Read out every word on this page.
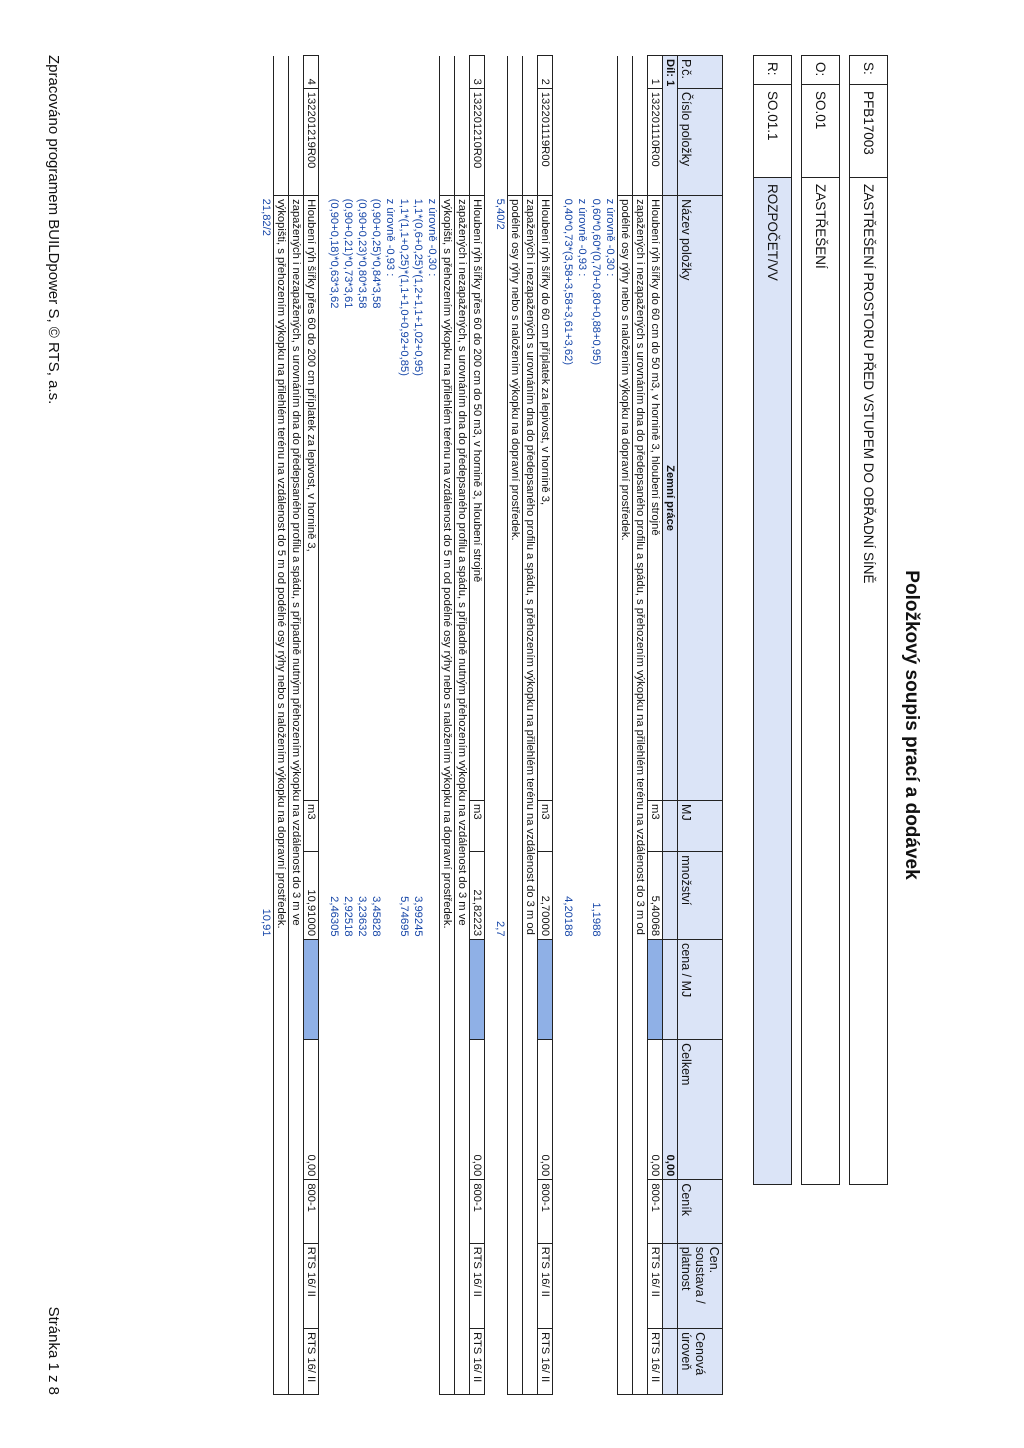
Položkový soupis prací a dodávek
S:	PFB17003	ZASTŘEŠENÍ PROSTORU PŘED VSTUPEM DO OBŘADNÍ SÍNĚ
O:	SO.01	ZASTŘEŠENÍ
R:	SO.01.1	ROZPOČET/VV
P.č.	Číslo položky	Název položky	MJ	množství	cena / MJ	Celkem	Ceník	Cen. soustava / platnost	Cenová úroveň
Díl: 1		Zemní práce				0,00			
1	132201110R00	Hloubení rýh šířky do 60 cm do 50 m3, v hornině 3, hloubení strojně	m3	5,40068		0,00	800-1	RTS 16/ II	RTS 16/ II
		zapažených i nezapažených s urovnáním dna do předepsaného profilu a spádu, s přehozením výkopku na přilehlém terénu na vzdálenost do 3 m od							
		podélné osy rýhy nebo s naložením výkopku na dopravní prostředek.							
		z úrovně -0,30 :							
		0,60*0,60*(0,70+0,80+0,88+0,95)		1,1988					
		z úrovně -0,93 :							
		0,40*0,73*(3,58+3,58+3,61+3,62)		4,20188					

2	132201119R00	Hloubení rýh šířky do 60 cm příplatek za lepivost, v hornině 3,	m3	2,70000		0,00	800-1	RTS 16/ II	RTS 16/ II
		zapažených i nezapažených s urovnáním dna do předepsaného profilu a spádu, s přehozením výkopku na přilehlém terénu na vzdálenost do 3 m od							
		podélné osy rýhy nebo s naložením výkopku na dopravní prostředek.							
		5,40/2		2,7					

3	132201210R00	Hloubení rýh šířky přes 60 do 200 cm do 50 m3, v hornině 3, hloubení strojně	m3	21,82223		0,00	800-1	RTS 16/ II	RTS 16/ II
		zapažených i nezapažených, s urovnáním dna do předepsaného profilu a spádu, s případně nutným přehozením výkopku na vzdálenost do 3 m ve							
		výkopišti, s přehozením výkopku na přilehlém terénu na vzdálenost do 5 m od podélné osy rýhy nebo s naložením výkopku na dopravní prostředek.							
		z úrovně -0,30 :							
		1,1*(0,6+0,25)*(1,2+1,1+1,02+0,95)		3,99245					
		1,1*(1,1+0,25)*(1,1+1,0+0,92+0,85)		5,74695					
		z úrovně -0,93 :							
		(0,90+0,25)*0,84*3,58		3,45828					
		(0,90+0,23)*0,80*3,58		3,23632					
		(0,90+0,21)*0,73*3,61		2,92518					
		(0,90+0,18)*0,63*3,62		2,46305					

4	132201219R00	Hloubení rýh šířky přes 60 do 200 cm příplatek za lepivost, v hornině 3,	m3	10,91000		0,00	800-1	RTS 16/ II	RTS 16/ II
		zapažených i nezapažených, s urovnáním dna do předepsaného profilu a spádu, s případně nutným přehozením výkopku na vzdálenost do 3 m ve							
		výkopišti, s přehozením výkopku na přilehlém terénu na vzdálenost do 5 m od podélné osy rýhy nebo s naložením výkopku na dopravní prostředek.							
		21,82/2		10,91					

Zpracováno programem BUILDpower S, © RTS, a.s.
Stránka 1 z 8
